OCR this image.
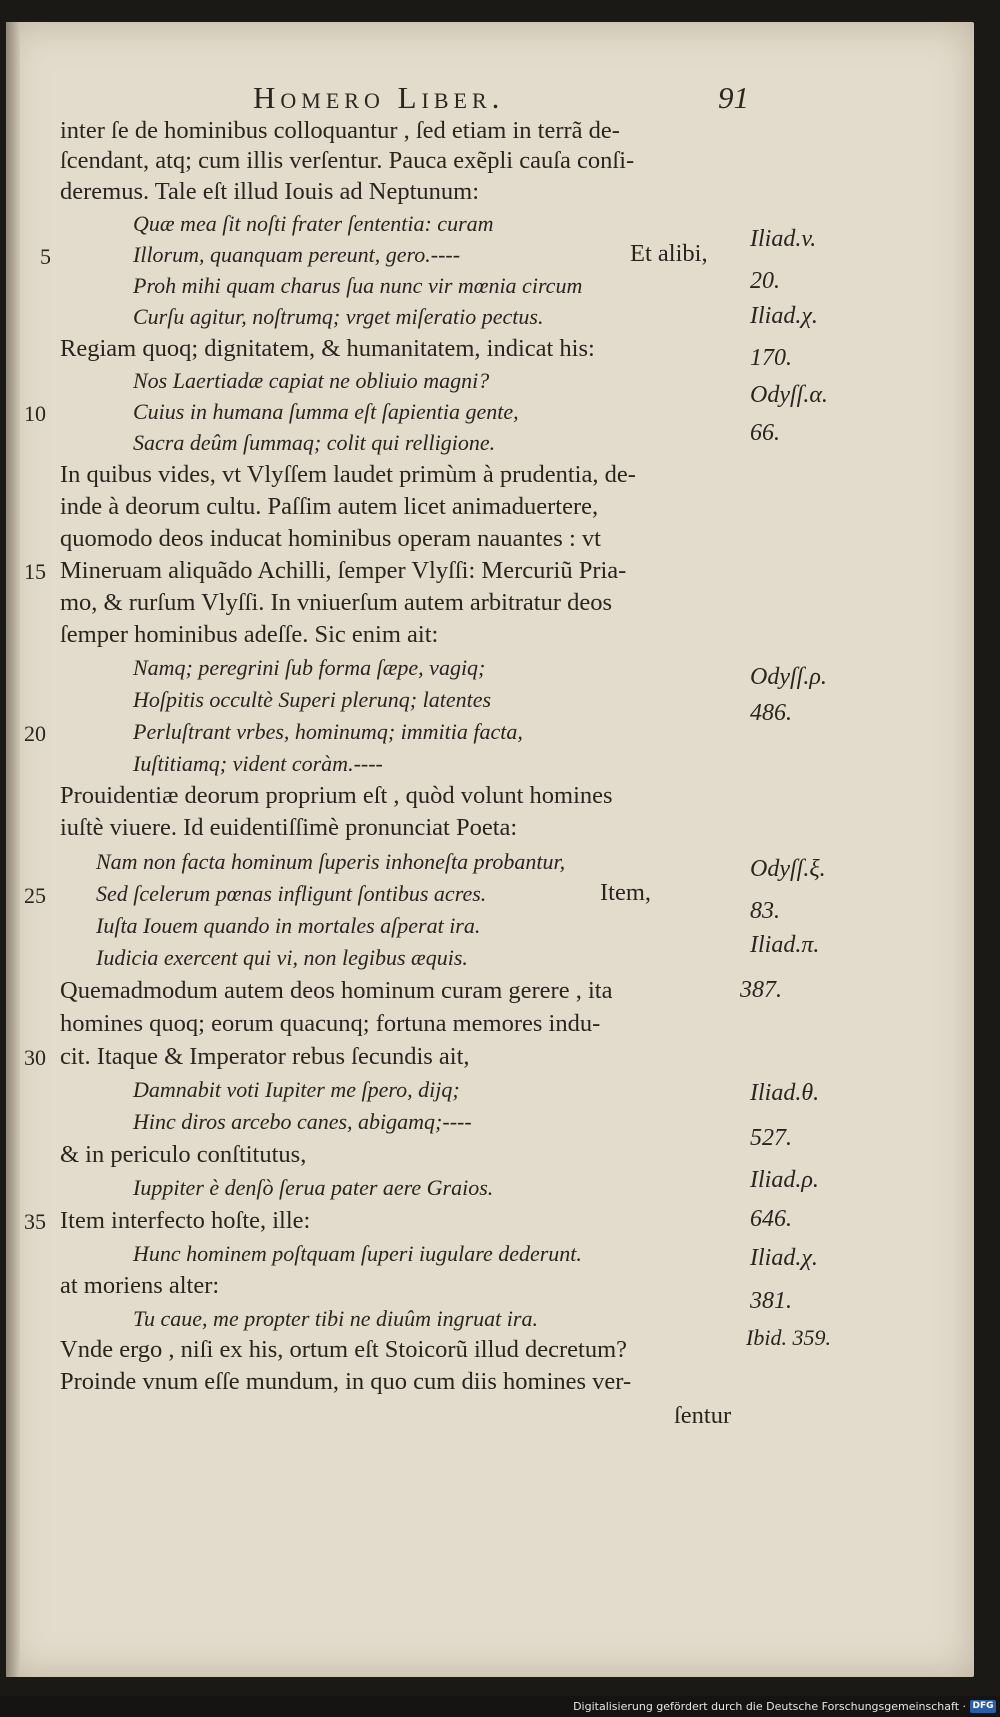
Homero Liber.	91
inter ſe de hominibus colloquantur , ſed etiam in terrã de-
ſcendant, atq; cum illis verſentur. Pauca exẽpli cauſa conſi-
deremus. Tale eſt illud Iouis ad Neptunum:
Quæ mea ſit noſti frater ſententia: curam
Illorum, quanquam pereunt, gero.----	Et alibi,
Proh mihi quam charus ſua nunc vir mœnia circum
Curſu agitur, noſtrumq; vrget miſeratio pectus.
Regiam quoq; dignitatem, & humanitatem, indicat his:
Nos Laertiadæ capiat ne obliuio magni?
Cuius in humana ſumma eſt ſapientia gente,
Sacra deûm ſummaq; colit qui relligione.
In quibus vides, vt Vlyſſem laudet primùm à prudentia, de-
inde à deorum cultu. Paſſim autem licet animaduertere,
quomodo deos inducat hominibus operam nauantes : vt
Mineruam aliquãdo Achilli, ſemper Vlyſſi: Mercuriũ Pria-
mo, & rurſum Vlyſſi. In vniuerſum autem arbitratur deos
ſemper hominibus adeſſe. Sic enim ait:
Namq; peregrini ſub forma ſæpe, vagiq;
Hoſpitis occultè Superi plerunq; latentes
Perluſtrant vrbes, hominumq; immitia facta,
Iuſtitiamq; vident coràm.----
Prouidentiæ deorum proprium eſt , quòd volunt homines
iuſtè viuere. Id euidentiſſimè pronunciat Poeta:
Nam non facta hominum ſuperis inhoneſta probantur,
Sed ſcelerum pœnas infligunt ſontibus acres.	Item,
Iuſta Iouem quando in mortales aſperat ira.
Iudicia exercent qui vi, non legibus æquis.
Quemadmodum autem deos hominum curam gerere , ita
homines quoq; eorum quacunq; fortuna memores indu-
cit. Itaque & Imperator rebus ſecundis ait,
Damnabit voti Iupiter me ſpero, dijq;
Hinc diros arcebo canes, abigamq;----
& in periculo conſtitutus,
Iuppiter è denſò ſerua pater aere Graios.
Item interfecto hoſte, ille:
Hunc hominem poſtquam ſuperi iugulare dederunt.
at moriens alter:
Tu caue, me propter tibi ne diuûm ingruat ira.
Vnde ergo , niſi ex his, ortum eſt Stoicorũ illud decretum?
Proinde vnum eſſe mundum, in quo cum diis homines ver-
ſentur
5
10
15
20
25
30
35
Iliad.v.
20.
Iliad.χ.
170.
Odyſſ.α.
66.
Odyſſ.ρ.
486.
Odyſſ.ξ.
83.
Iliad.π.
387.
Iliad.θ.
527.
Iliad.ρ.
646.
Iliad.χ.
381.
Ibid. 359.
Digitalisierung gefördert durch die Deutsche Forschungsgemeinschaft · DFG
